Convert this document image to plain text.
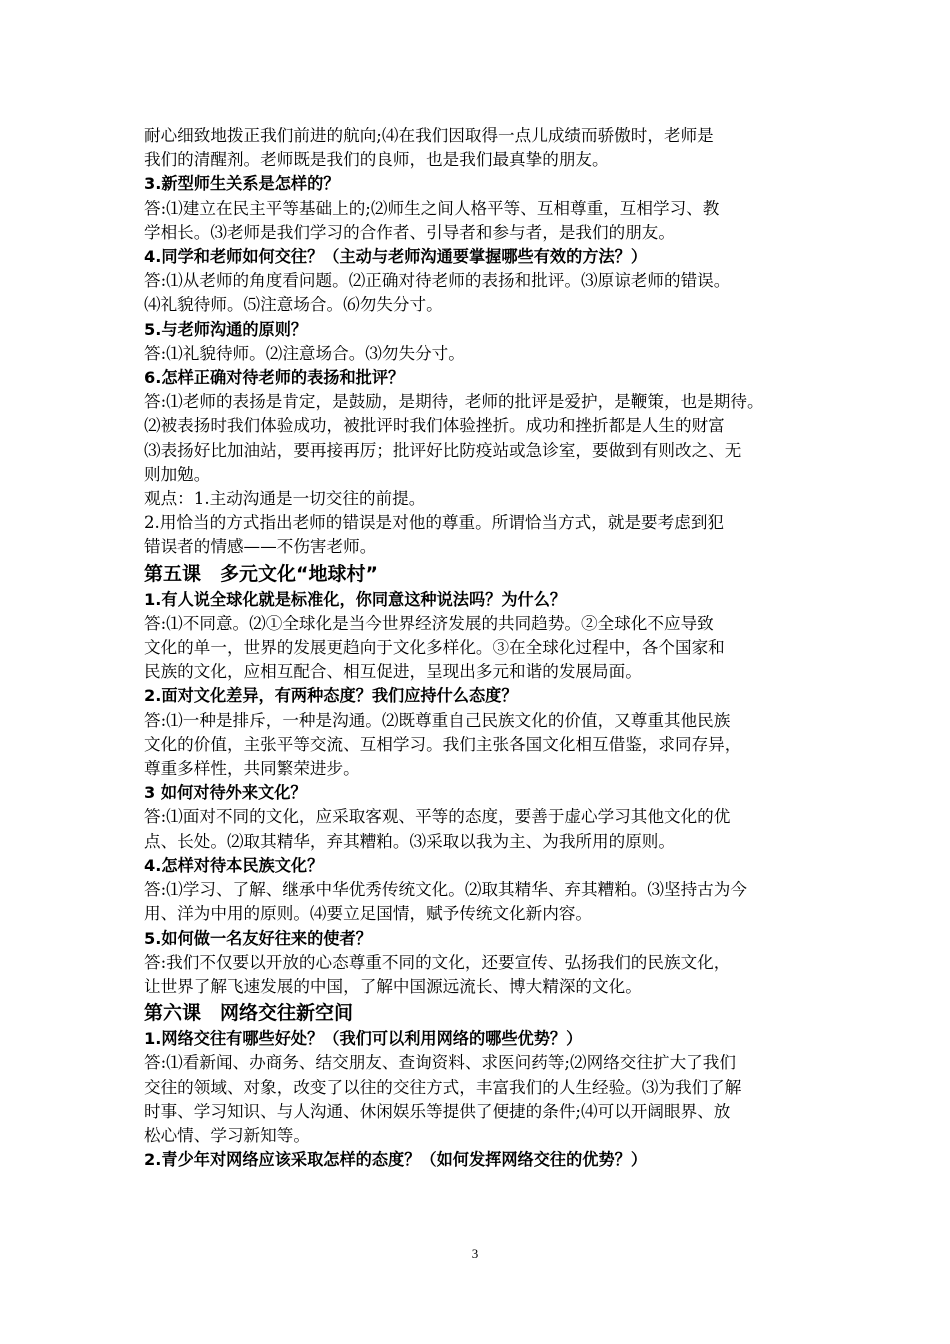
耐心细致地拨正我们前进的航向;⑷在我们因取得一点儿成绩而骄傲时，老师是
我们的清醒剂。老师既是我们的良师，也是我们最真挚的朋友。
3.新型师生关系是怎样的？
答:⑴建立在民主平等基础上的;⑵师生之间人格平等、互相尊重，互相学习、教
学相长。⑶老师是我们学习的合作者、引导者和参与者，是我们的朋友。
4.同学和老师如何交往？（主动与老师沟通要掌握哪些有效的方法？）
答:⑴从老师的角度看问题。⑵正确对待老师的表扬和批评。⑶原谅老师的错误。
⑷礼貌待师。⑸注意场合。⑹勿失分寸。
5.与老师沟通的原则？
答:⑴礼貌待师。⑵注意场合。⑶勿失分寸。
6.怎样正确对待老师的表扬和批评？
答:⑴老师的表扬是肯定，是鼓励，是期待，老师的批评是爱护，是鞭策，也是期待。
⑵被表扬时我们体验成功，被批评时我们体验挫折。成功和挫折都是人生的财富
⑶表扬好比加油站，要再接再厉；批评好比防疫站或急诊室，要做到有则改之、无
则加勉。
观点：1.主动沟通是一切交往的前提。
2.用恰当的方式指出老师的错误是对他的尊重。所谓恰当方式，就是要考虑到犯
错误者的情感——不伤害老师。
第五课　多元文化“地球村”
1.有人说全球化就是标准化，你同意这种说法吗？为什么？
答:⑴不同意。⑵①全球化是当今世界经济发展的共同趋势。②全球化不应导致
文化的单一，世界的发展更趋向于文化多样化。③在全球化过程中，各个国家和
民族的文化，应相互配合、相互促进，呈现出多元和谐的发展局面。
2.面对文化差异，有两种态度？我们应持什么态度？
答:⑴一种是排斥，一种是沟通。⑵既尊重自己民族文化的价值，又尊重其他民族
文化的价值，主张平等交流、互相学习。我们主张各国文化相互借鉴，求同存异，
尊重多样性，共同繁荣进步。
3 如何对待外来文化？
答:⑴面对不同的文化，应采取客观、平等的态度，要善于虚心学习其他文化的优
点、长处。⑵取其精华，弃其糟粕。⑶采取以我为主、为我所用的原则。
4.怎样对待本民族文化？
答:⑴学习、了解、继承中华优秀传统文化。⑵取其精华、弃其糟粕。⑶坚持古为今
用、洋为中用的原则。⑷要立足国情，赋予传统文化新内容。
5.如何做一名友好往来的使者？
答:我们不仅要以开放的心态尊重不同的文化，还要宣传、弘扬我们的民族文化，
让世界了解飞速发展的中国，了解中国源远流长、博大精深的文化。
第六课　网络交往新空间
1.网络交往有哪些好处？（我们可以利用网络的哪些优势？）
答:⑴看新闻、办商务、结交朋友、查询资料、求医问药等;⑵网络交往扩大了我们
交往的领域、对象，改变了以往的交往方式，丰富我们的人生经验。⑶为我们了解
时事、学习知识、与人沟通、休闲娱乐等提供了便捷的条件;⑷可以开阔眼界、放
松心情、学习新知等。
2.青少年对网络应该采取怎样的态度？（如何发挥网络交往的优势？）
3
